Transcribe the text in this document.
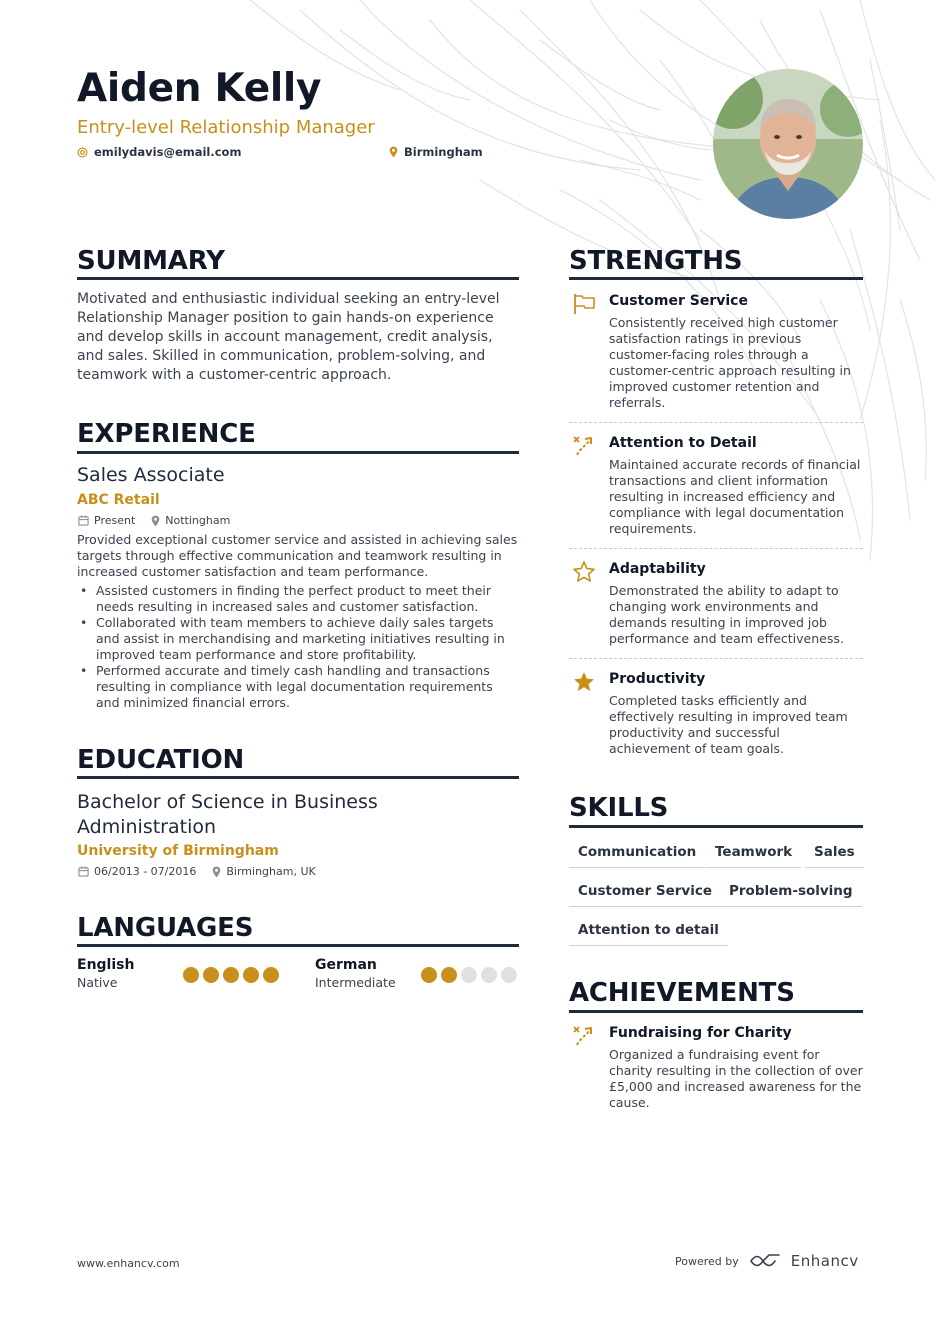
Aiden Kelly
Entry-level Relationship Manager
emilydavis@email.com	Birmingham
SUMMARY
Motivated and enthusiastic individual seeking an entry-level Relationship Manager position to gain hands-on experience and develop skills in account management, credit analysis, and sales. Skilled in communication, problem-solving, and teamwork with a customer-centric approach.
EXPERIENCE
Sales Associate
ABC Retail
Present	Nottingham
Provided exceptional customer service and assisted in achieving sales targets through effective communication and teamwork resulting in increased customer satisfaction and team performance.
• Assisted customers in finding the perfect product to meet their needs resulting in increased sales and customer satisfaction.
• Collaborated with team members to achieve daily sales targets and assist in merchandising and marketing initiatives resulting in improved team performance and store profitability.
• Performed accurate and timely cash handling and transactions resulting in compliance with legal documentation requirements and minimized financial errors.
EDUCATION
Bachelor of Science in Business Administration
University of Birmingham
06/2013 - 07/2016	Birmingham, UK
LANGUAGES
English
Native
German
Intermediate
STRENGTHS
Customer Service
Consistently received high customer satisfaction ratings in previous customer-facing roles through a customer-centric approach resulting in improved customer retention and referrals.
Attention to Detail
Maintained accurate records of financial transactions and client information resulting in increased efficiency and compliance with legal documentation requirements.
Adaptability
Demonstrated the ability to adapt to changing work environments and demands resulting in improved job performance and team effectiveness.
Productivity
Completed tasks efficiently and effectively resulting in improved team productivity and successful achievement of team goals.
SKILLS
Communication	Teamwork	Sales
Customer Service	Problem-solving
Attention to detail
ACHIEVEMENTS
Fundraising for Charity
Organized a fundraising event for charity resulting in the collection of over £5,000 and increased awareness for the cause.
www.enhancv.com	Powered by	Enhancv
